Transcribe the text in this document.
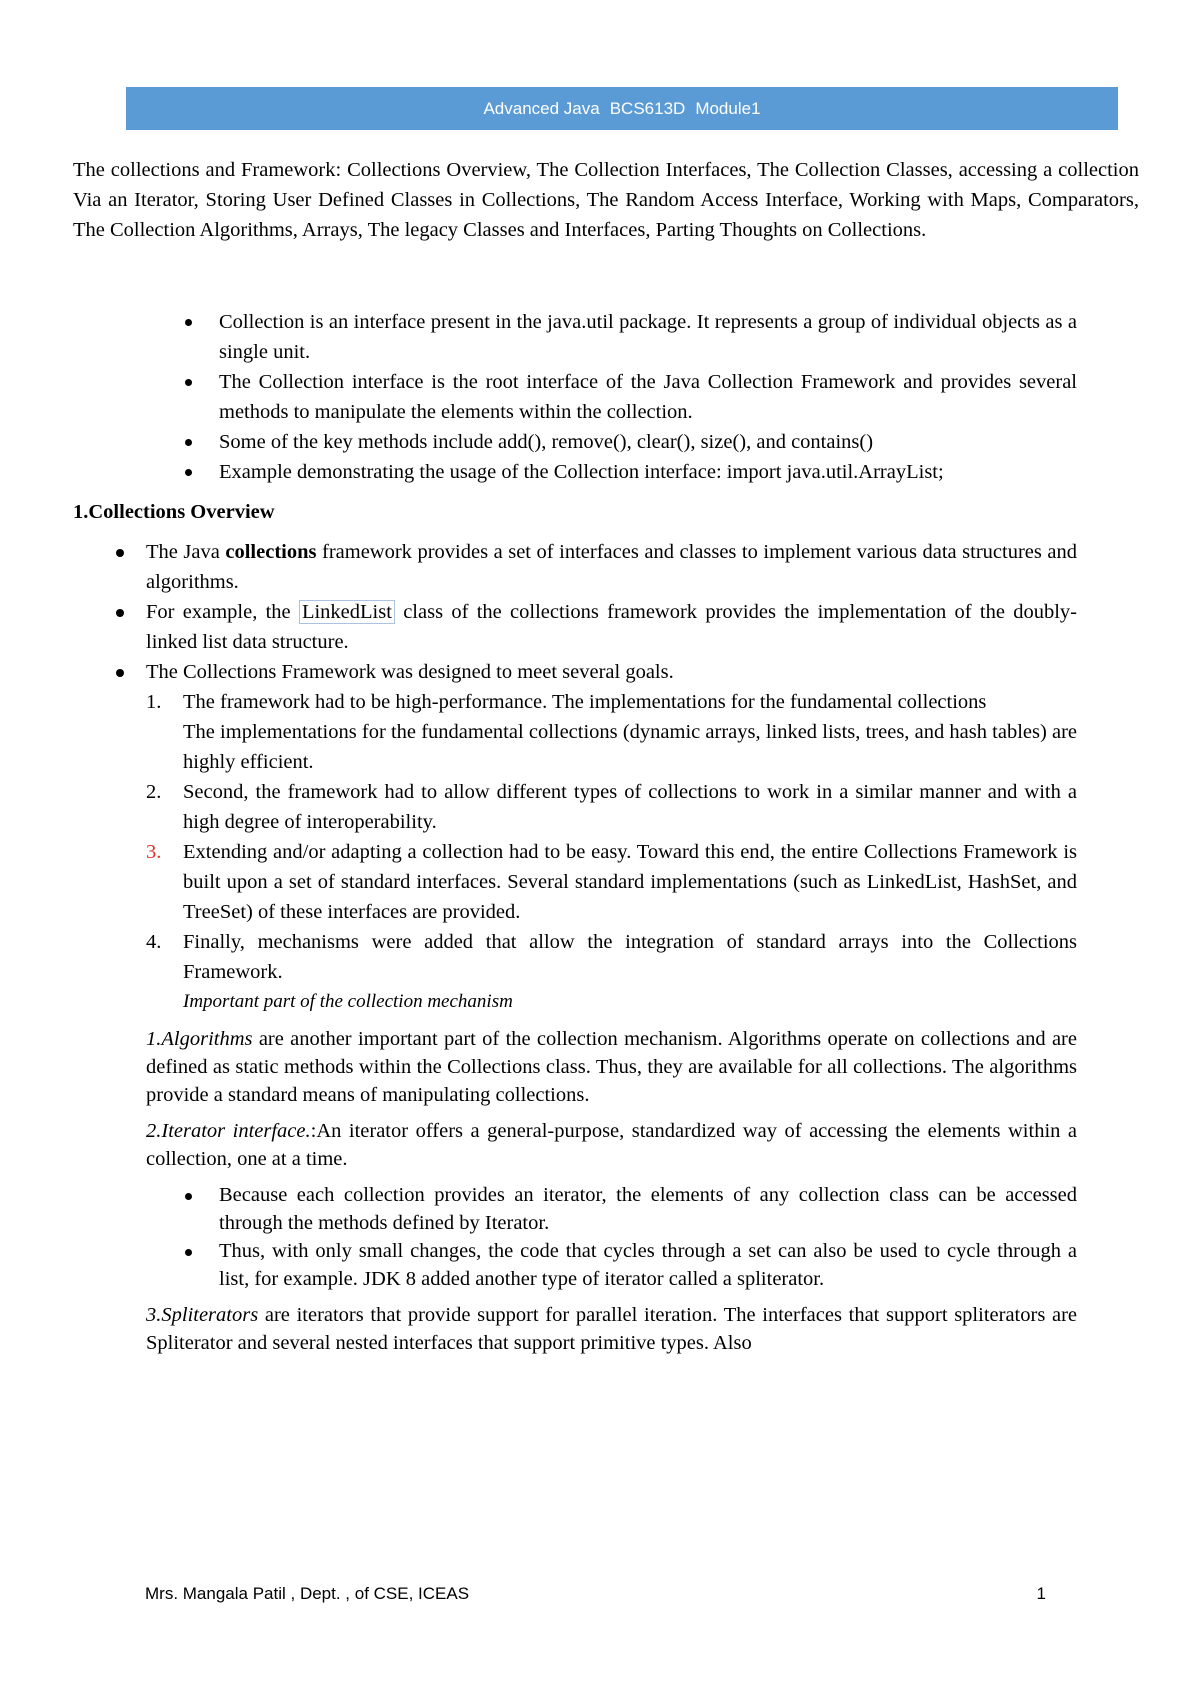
Advanced Java BCS613D Module1

The collections and Framework: Collections Overview, The Collection Interfaces, The Collection Classes, accessing a collection Via an Iterator, Storing User Defined Classes in Collections, The Random Access Interface, Working with Maps, Comparators, The Collection Algorithms, Arrays, The legacy Classes and Interfaces, Parting Thoughts on Collections.

Collection is an interface present in the java.util package. It represents a group of individual objects as a single unit.
The Collection interface is the root interface of the Java Collection Framework and provides several methods to manipulate the elements within the collection.
Some of the key methods include add(), remove(), clear(), size(), and contains()
Example demonstrating the usage of the Collection interface: import java.util.ArrayList;
1.Collections Overview
The Java collections framework provides a set of interfaces and classes to implement various data structures and algorithms.
For example, the LinkedList class of the collections framework provides the implementation of the doubly-linked list data structure.
The Collections Framework was designed to meet several goals.
1. The framework had to be high-performance. The implementations for the fundamental collections
The implementations for the fundamental collections (dynamic arrays, linked lists, trees, and hash tables) are highly efficient.
2. Second, the framework had to allow different types of collections to work in a similar manner and with a high degree of interoperability.
3. Extending and/or adapting a collection had to be easy. Toward this end, the entire Collections Framework is built upon a set of standard interfaces. Several standard implementations (such as LinkedList, HashSet, and TreeSet) of these interfaces are provided.
4. Finally, mechanisms were added that allow the integration of standard arrays into the Collections Framework.
Important part of the collection mechanism

1.Algorithms are another important part of the collection mechanism. Algorithms operate on collections and are defined as static methods within the Collections class. Thus, they are available for all collections. The algorithms provide a standard means of manipulating collections.

2.Iterator interface.:An iterator offers a general-purpose, standardized way of accessing the elements within a collection, one at a time.

Because each collection provides an iterator, the elements of any collection class can be accessed through the methods defined by Iterator.
Thus, with only small changes, the code that cycles through a set can also be used to cycle through a list, for example. JDK 8 added another type of iterator called a spliterator.

3.Spliterators are iterators that provide support for parallel iteration. The interfaces that support spliterators are Spliterator and several nested interfaces that support primitive types. Also

Mrs. Mangala Patil , Dept. , of CSE, ICEAS	1
